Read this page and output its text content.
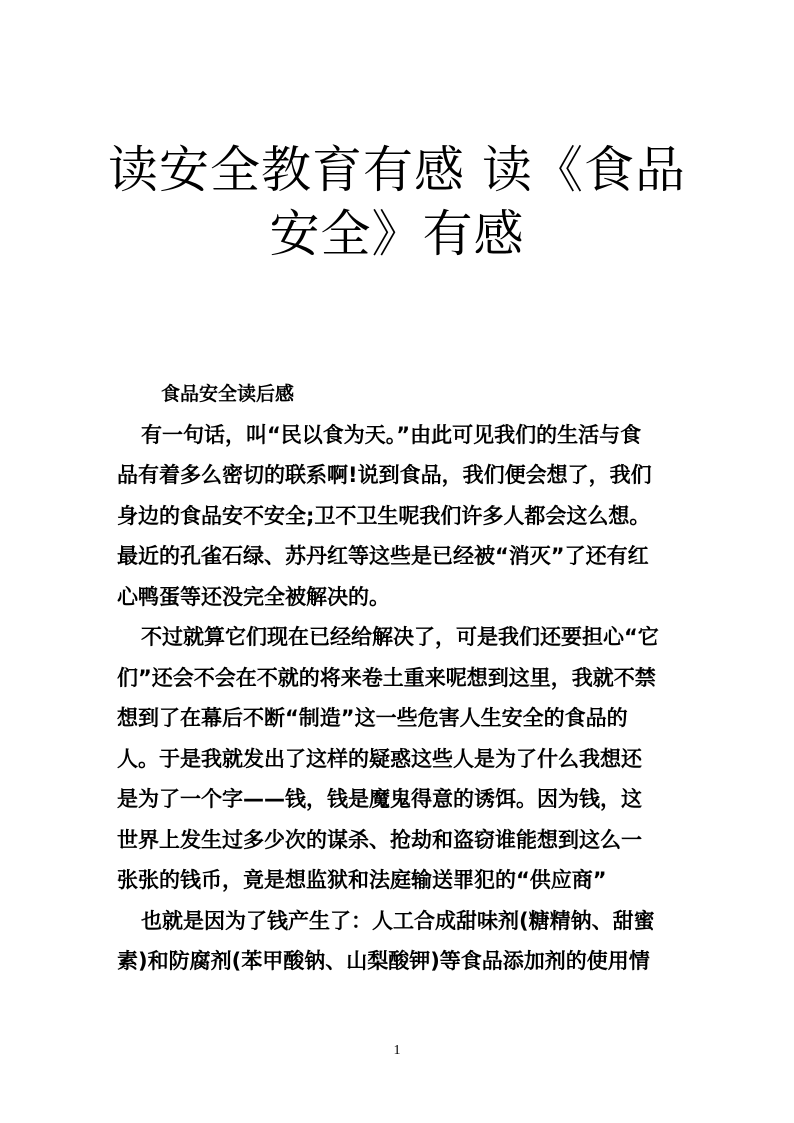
读安全教育有感 读《食品
安全》有感
食品安全读后感
有一句话，叫“民以食为天。”由此可见我们的生活与食
品有着多么密切的联系啊!说到食品，我们便会想了，我们
身边的食品安不安全;卫不卫生呢我们许多人都会这么想。
最近的孔雀石绿、苏丹红等这些是已经被“消灭”了还有红
心鸭蛋等还没完全被解决的。
不过就算它们现在已经给解决了，可是我们还要担心“它
们”还会不会在不就的将来卷土重来呢想到这里，我就不禁
想到了在幕后不断“制造”这一些危害人生安全的食品的
人。于是我就发出了这样的疑惑这些人是为了什么我想还
是为了一个字——钱，钱是魔鬼得意的诱饵。因为钱，这
世界上发生过多少次的谋杀、抢劫和盗窃谁能想到这么一
张张的钱币，竟是想监狱和法庭输送罪犯的“供应商”
也就是因为了钱产生了：人工合成甜味剂(糖精钠、甜蜜
素)和防腐剂(苯甲酸钠、山梨酸钾)等食品添加剂的使用情
1
